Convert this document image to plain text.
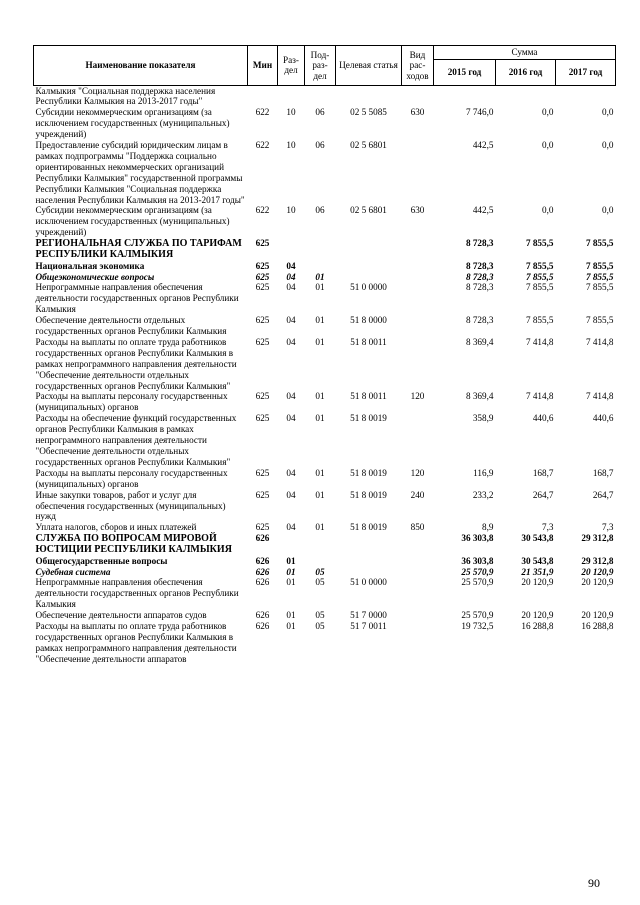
Наименование показателя	Мин	Раз-дел	Под-раз-дел	Целевая статья	Вид рас-ходов	Сумма		
						2015 год	2016 год	2017 год
Калмыкия "Социальная поддержка населения Республики Калмыкия на 2013-2017 годы"								
Субсидии некоммерческим организациям (за исключением государственных (муниципальных) учреждений)	622	10	06	02 5 5085	630	7 746,0	0,0	0,0
Предоставление субсидий юридическим лицам в рамках подпрограммы "Поддержка социально ориентированных некоммерческих организаций Республики Калмыкия" государственной программы Республики Калмыкия "Социальная поддержка населения Республики Калмыкия на 2013-2017 годы"	622	10	06	02 5 6801		442,5	0,0	0,0
Субсидии некоммерческим организациям (за исключением государственных (муниципальных) учреждений)	622	10	06	02 5 6801	630	442,5	0,0	0,0
РЕГИОНАЛЬНАЯ СЛУЖБА ПО ТАРИФАМ РЕСПУБЛИКИ КАЛМЫКИЯ	625					8 728,3	7 855,5	7 855,5
Национальная экономика	625	04				8 728,3	7 855,5	7 855,5
Общеэкономические вопросы	625	04	01			8 728,3	7 855,5	7 855,5
Непрограммные направления обеспечения деятельности государственных органов Республики Калмыкия	625	04	01	51 0 0000		8 728,3	7 855,5	7 855,5
Обеспечение деятельности отдельных государственных органов Республики Калмыкия	625	04	01	51 8 0000		8 728,3	7 855,5	7 855,5
Расходы на выплаты по оплате труда работников государственных органов Республики Калмыкия в рамках непрограммного направления деятельности "Обеспечение деятельности отдельных государственных органов Республики Калмыкия"	625	04	01	51 8 0011		8 369,4	7 414,8	7 414,8
Расходы на выплаты персоналу государственных (муниципальных) органов	625	04	01	51 8 0011	120	8 369,4	7 414,8	7 414,8
Расходы на обеспечение функций государственных органов Республики Калмыкия в рамках непрограммного направления деятельности "Обеспечение деятельности отдельных государственных органов Республики Калмыкия"	625	04	01	51 8 0019		358,9	440,6	440,6
Расходы на выплаты персоналу государственных (муниципальных) органов	625	04	01	51 8 0019	120	116,9	168,7	168,7
Иные закупки товаров, работ и услуг для обеспечения государственных (муниципальных) нужд	625	04	01	51 8 0019	240	233,2	264,7	264,7
Уплата налогов, сборов и иных платежей	625	04	01	51 8 0019	850	8,9	7,3	7,3
СЛУЖБА ПО ВОПРОСАМ МИРОВОЙ ЮСТИЦИИ РЕСПУБЛИКИ КАЛМЫКИЯ	626					36 303,8	30 543,8	29 312,8
Общегосударственные вопросы	626	01				36 303,8	30 543,8	29 312,8
Судебная система	626	01	05			25 570,9	21 351,9	20 120,9
Непрограммные направления обеспечения деятельности государственных органов Республики Калмыкия	626	01	05	51 0 0000		25 570,9	20 120,9	20 120,9
Обеспечение деятельности аппаратов судов	626	01	05	51 7 0000		25 570,9	20 120,9	20 120,9
Расходы на выплаты по оплате труда работников государственных органов Республики Калмыкия в рамках непрограммного направления деятельности "Обеспечение деятельности аппаратов	626	01	05	51 7 0011		19 732,5	16 288,8	16 288,8
90
